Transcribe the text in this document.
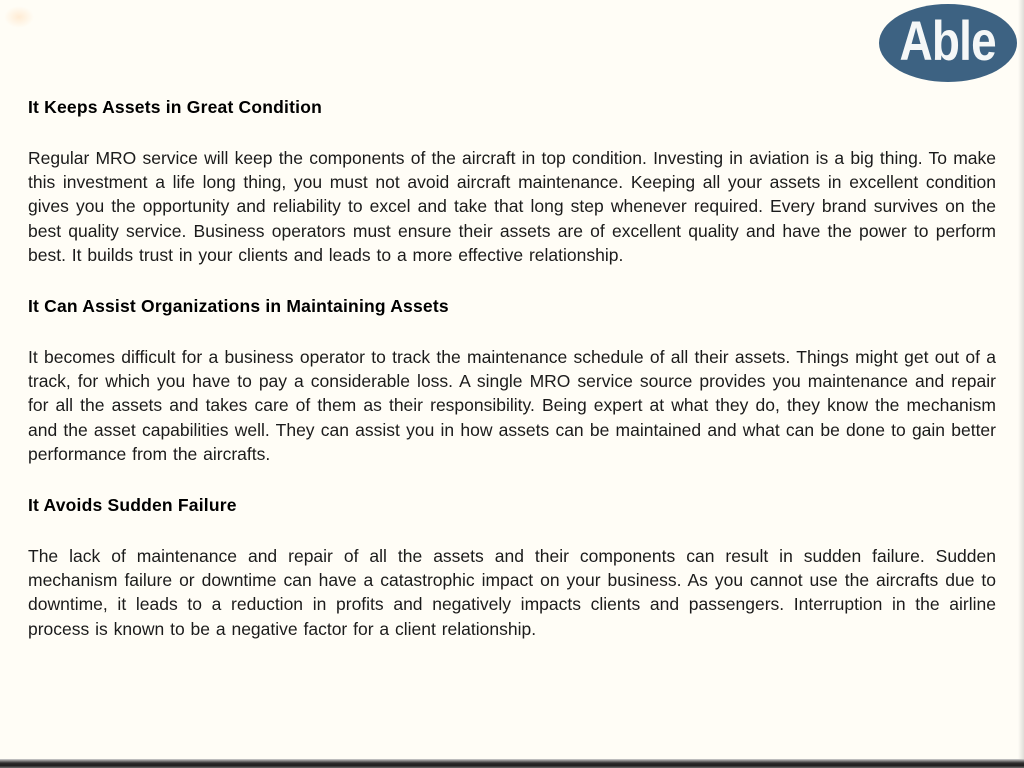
Able
It Keeps Assets in Great Condition

Regular MRO service will keep the components of the aircraft in top condition. Investing in aviation is a big thing. To make this investment a life long thing, you must not avoid aircraft maintenance. Keeping all your assets in excellent condition gives you the opportunity and reliability to excel and take that long step whenever required. Every brand survives on the best quality service. Business operators must ensure their assets are of excellent quality and have the power to perform best. It builds trust in your clients and leads to a more effective relationship.

It Can Assist Organizations in Maintaining Assets

It becomes difficult for a business operator to track the maintenance schedule of all their assets. Things might get out of a track, for which you have to pay a considerable loss. A single MRO service source provides you maintenance and repair for all the assets and takes care of them as their responsibility. Being expert at what they do, they know the mechanism and the asset capabilities well. They can assist you in how assets can be maintained and what can be done to gain better performance from the aircrafts.

It Avoids Sudden Failure

The lack of maintenance and repair of all the assets and their components can result in sudden failure. Sudden mechanism failure or downtime can have a catastrophic impact on your business. As you cannot use the aircrafts due to downtime, it leads to a reduction in profits and negatively impacts clients and passengers. Interruption in the airline process is known to be a negative factor for a client relationship.
